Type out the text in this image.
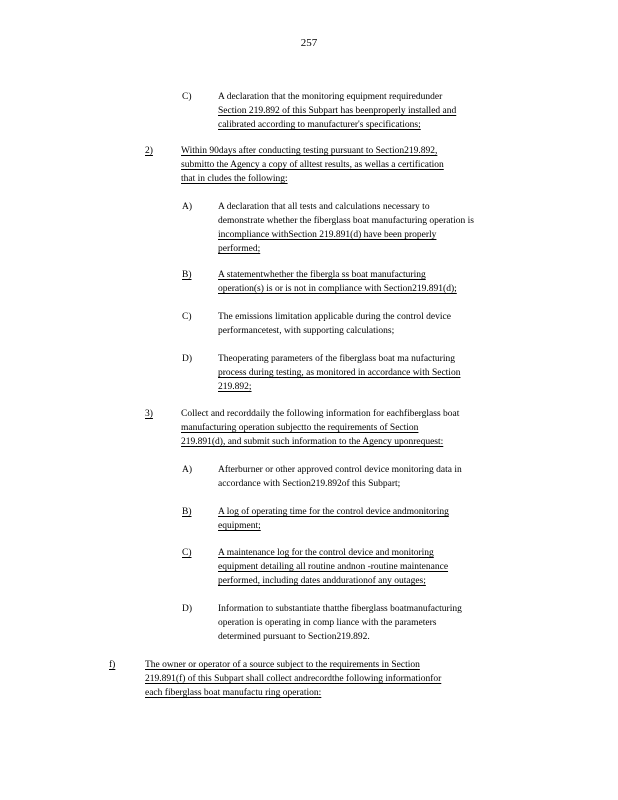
257
C)	A declaration that the monitoring equipment requiredunder
Section 219.892 of this Subpart has beenproperly installed and
calibrated according to manufacturer's specifications;
2)	Within 90days after conducting testing pursuant to Section219.892,
submitto the Agency a copy of alltest results, as wellas a certification
that in cludes the following:
A)	A declaration that all tests and calculations necessary to
demonstrate whether the fiberglass boat manufacturing operation is
incompliance withSection 219.891(d) have been properly
performed;
B)	A statementwhether the fibergla ss boat manufacturing
operation(s) is or is not in compliance with Section219.891(d);
C)	The emissions limitation applicable during the control device
performancetest, with supporting calculations;
D)	Theoperating parameters of the fiberglass boat ma nufacturing
process during testing, as monitored in accordance with Section
219.892;
3)	Collect and recorddaily the following information for eachfiberglass boat
manufacturing operation subjectto the requirements of Section
219.891(d), and submit such information to the Agency uponrequest:
A)	Afterburner or other approved control device monitoring data in
accordance with Section219.892of this Subpart;
B)	A log of operating time for the control device andmonitoring
equipment;
C)	A maintenance log for the control device and monitoring
equipment detailing all routine andnon -routine maintenance
performed, including dates anddurationof any outages;
D)	Information to substantiate thatthe fiberglass boatmanufacturing
operation is operating in comp liance with the parameters
determined pursuant to Section219.892.
f)	The owner or operator of a source subject to the requirements in Section
219.891(f) of this Subpart shall collect andrecordthe following informationfor
each fiberglass boat manufactu ring operation:
